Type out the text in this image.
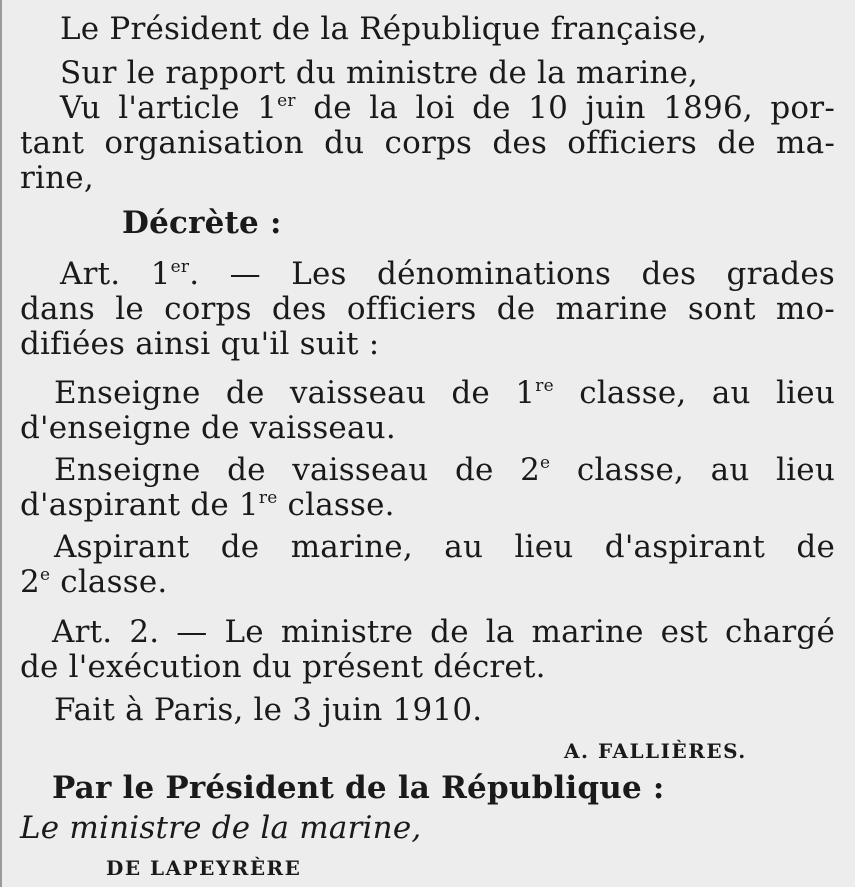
Le Président de la République française,

Sur le rapport du ministre de la marine,

Vu l'article 1er de la loi de 10 juin 1896, por-

tant organisation du corps des officiers de ma-

rine,

Décrète :

Art. 1er. — Les dénominations des grades

dans le corps des officiers de marine sont mo-

difiées ainsi qu'il suit :

Enseigne de vaisseau de 1re classe, au lieu

d'enseigne de vaisseau.

Enseigne de vaisseau de 2e classe, au lieu

d'aspirant de 1re classe.

Aspirant de marine, au lieu d'aspirant de

2e classe.

Art. 2. — Le ministre de la marine est chargé

de l'exécution du présent décret.

Fait à Paris, le 3 juin 1910.

A. FALLIÈRES.

Par le Président de la République :

Le ministre de la marine,

DE LAPEYRÈRE
